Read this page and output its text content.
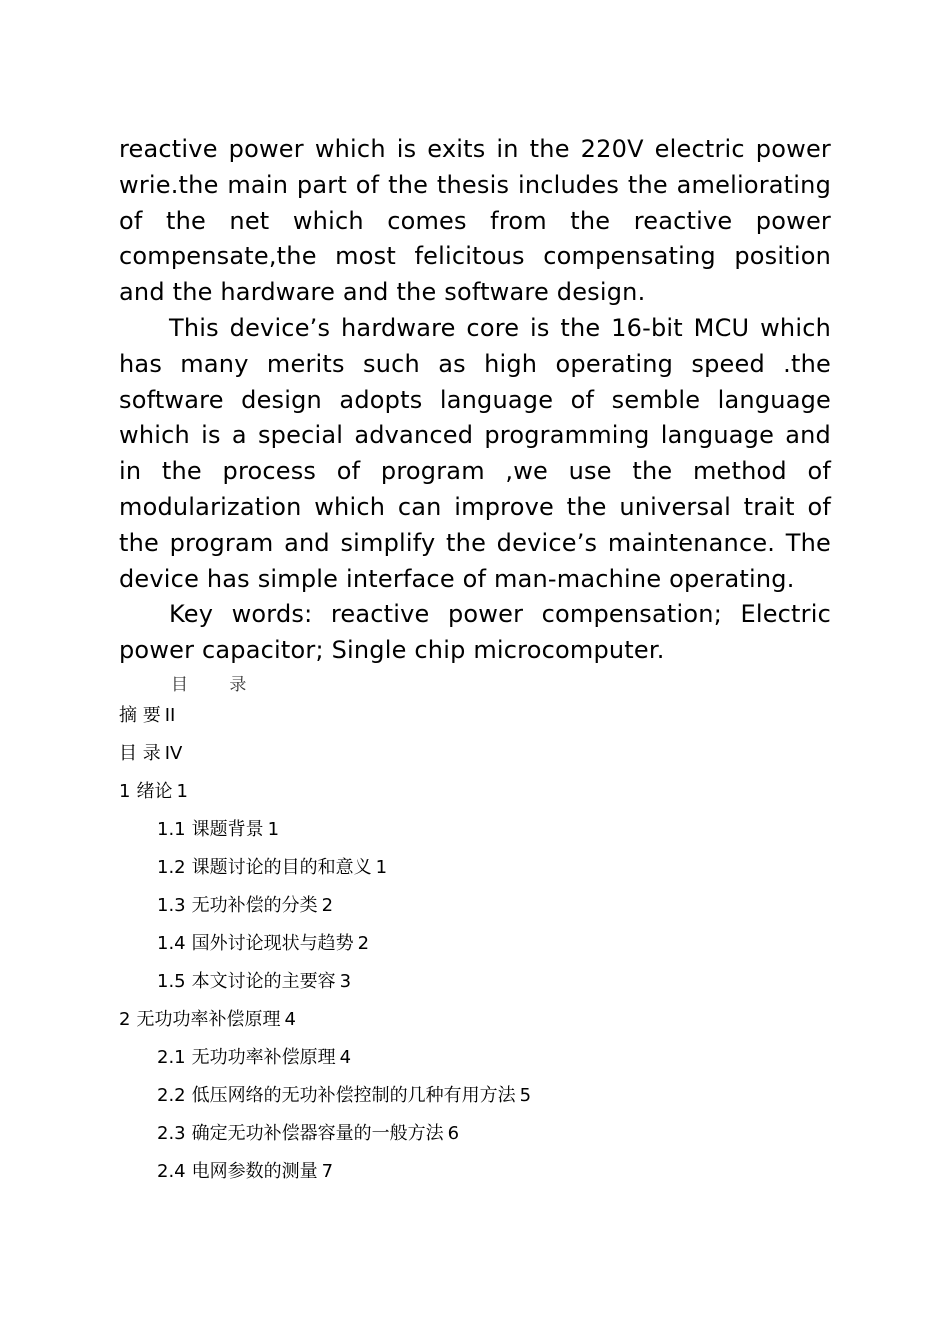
reactive power which is exits in the 220V electric power wrie.the main part of the thesis includes the ameliorating of the net which comes from the reactive power compensate,the most felicitous compensating position and the hardware and the software design.

This device’s hardware core is the 16-bit MCU which has many merits such as high operating speed .the software design adopts language of semble language which is a special advanced programming language and in the process of program ,we use the method of modularization which can improve the universal trait of the program and simplify the device’s maintenance. The device has simple interface of man-machine operating.

Key words: reactive power compensation; Electric power capacitor; Single chip microcomputer.

目 录
摘 要 II
目 录 IV
1 绪论 1
1.1 课题背景 1
1.2 课题讨论的目的和意义 1
1.3 无功补偿的分类 2
1.4 国外讨论现状与趋势 2
1.5 本文讨论的主要容 3
2 无功功率补偿原理 4
2.1 无功功率补偿原理 4
2.2 低压网络的无功补偿控制的几种有用方法 5
2.3 确定无功补偿器容量的一般方法 6
2.4 电网参数的测量 7
